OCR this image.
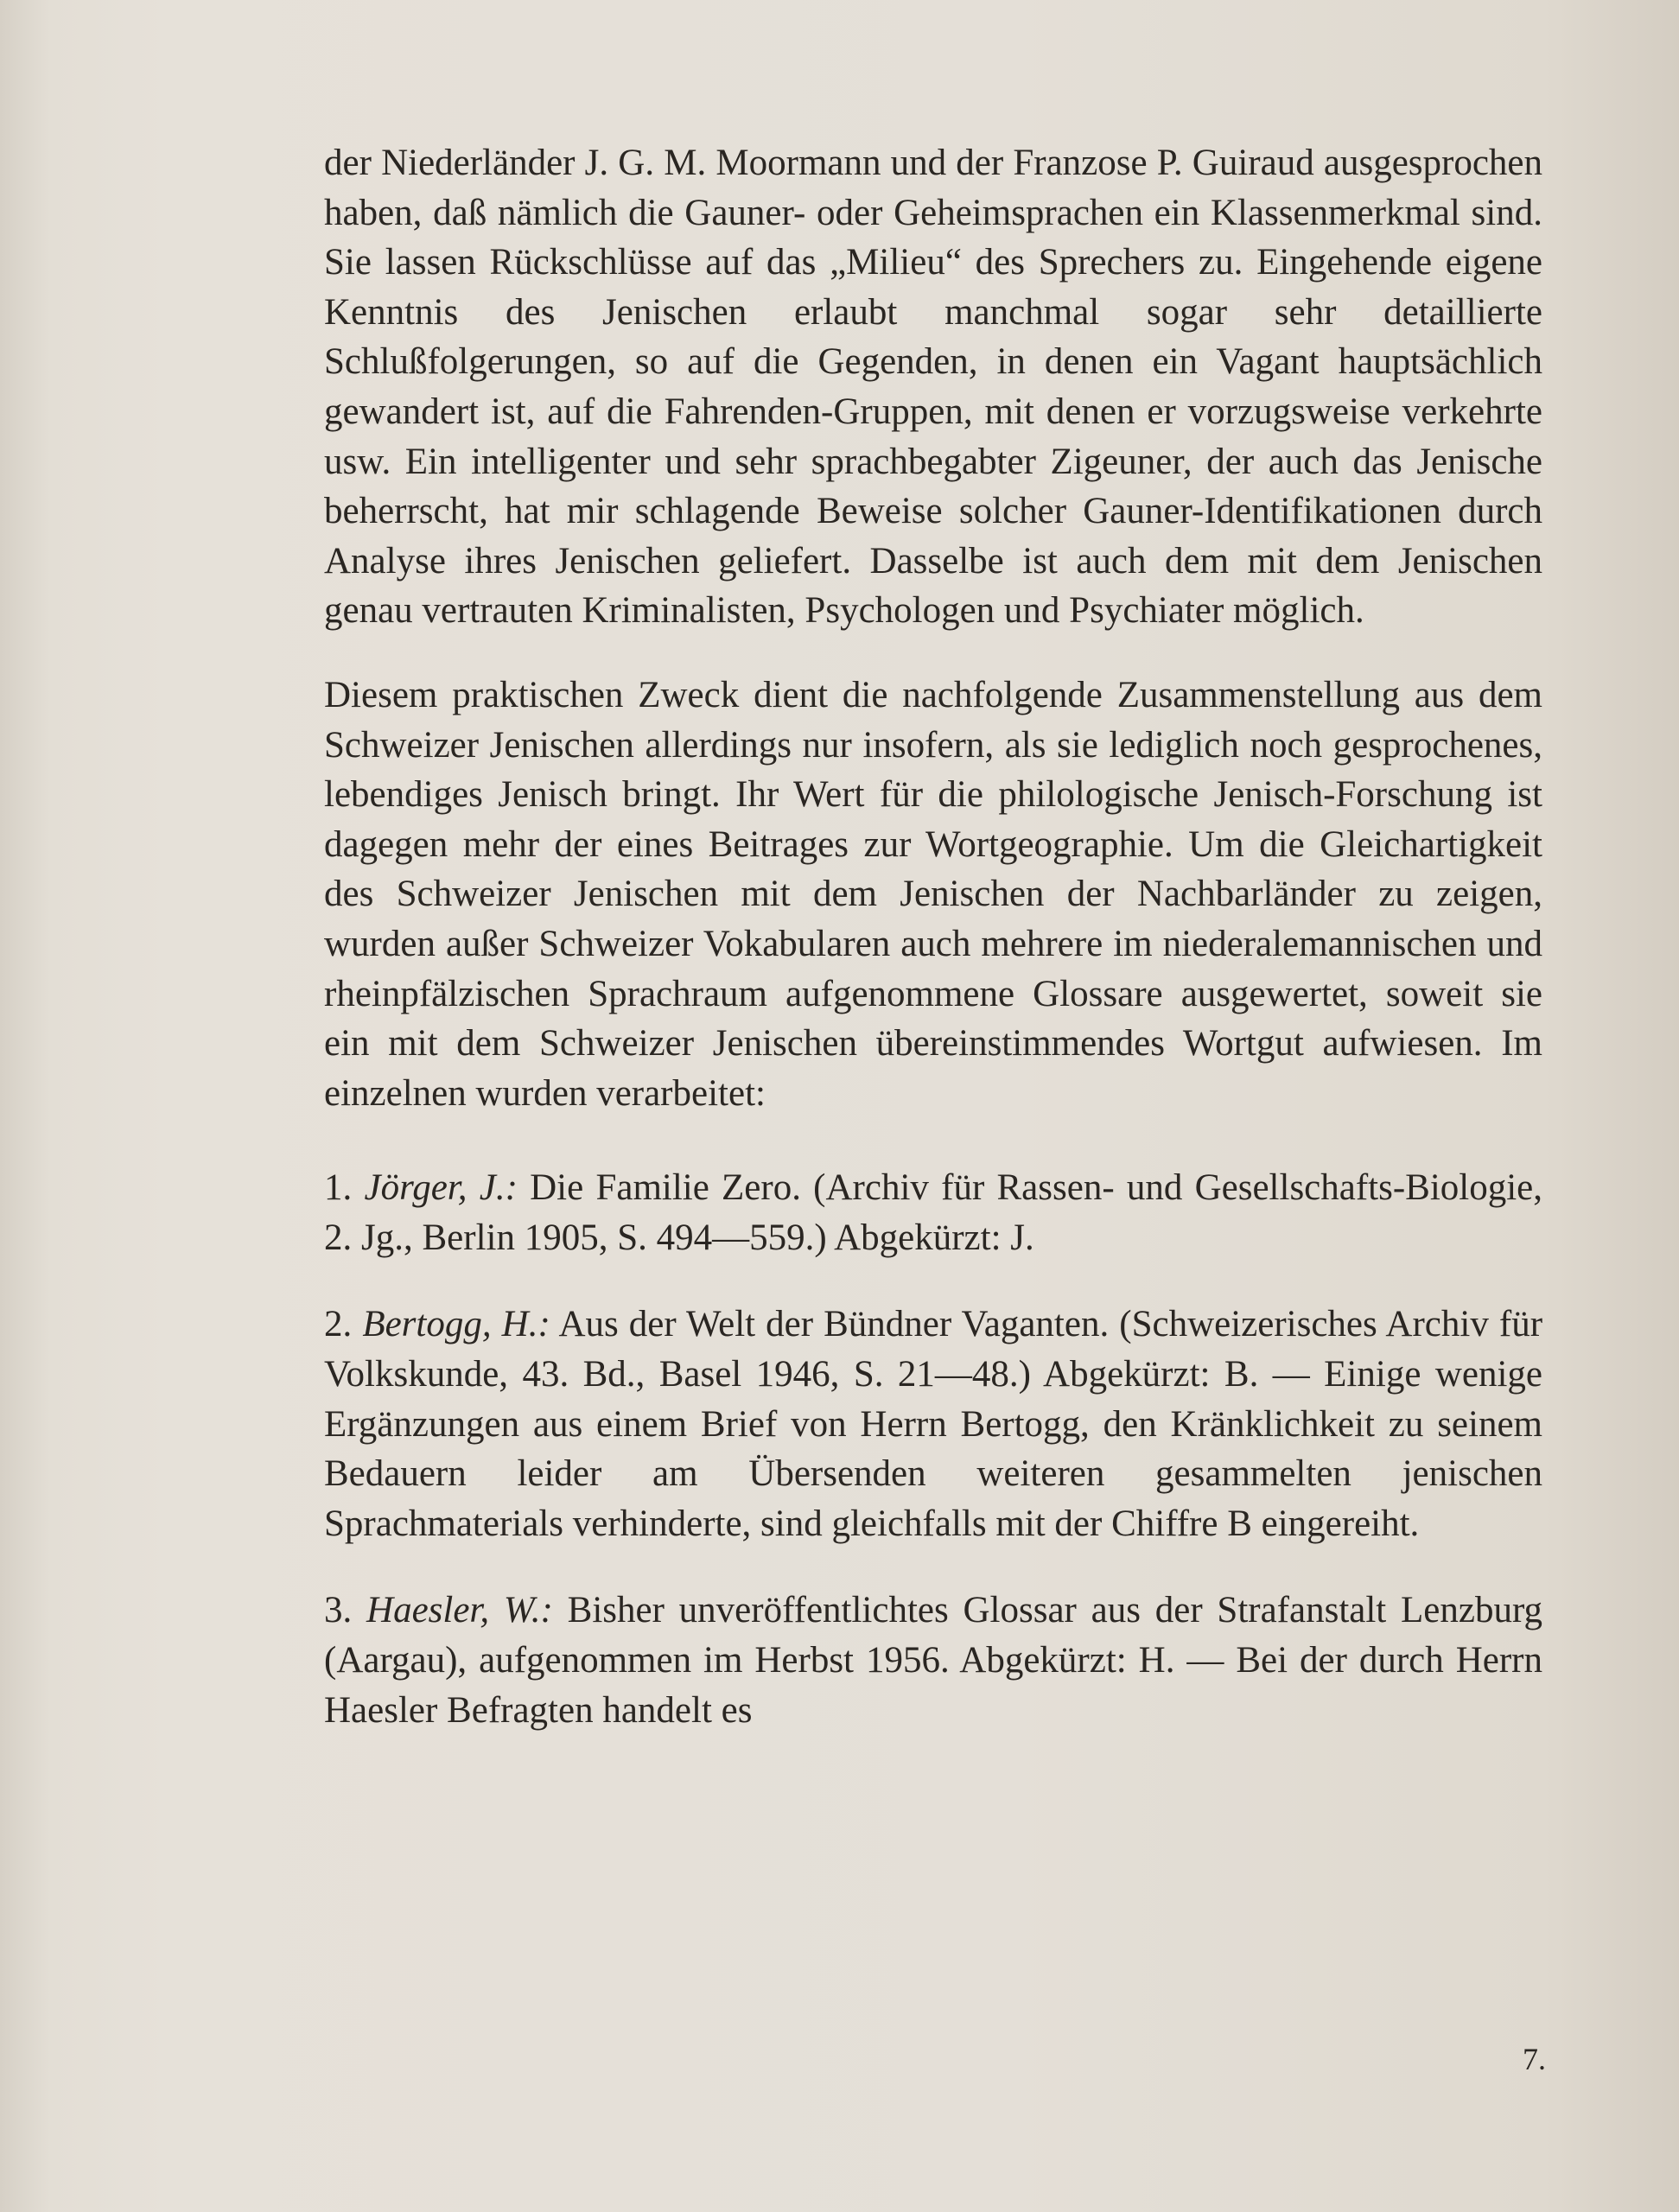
der Niederländer J. G. M. Moormann und der Franzose P. Guiraud ausgesprochen haben, daß nämlich die Gauner- oder Geheimsprachen ein Klassenmerkmal sind. Sie lassen Rückschlüsse auf das „Milieu“ des Sprechers zu. Eingehende eigene Kenntnis des Jenischen erlaubt manchmal sogar sehr detaillierte Schlußfolgerungen, so auf die Gegenden, in denen ein Vagant hauptsächlich gewandert ist, auf die Fahrenden-Gruppen, mit denen er vorzugsweise verkehrte usw. Ein intelligenter und sehr sprachbegabter Zigeuner, der auch das Jenische beherrscht, hat mir schlagende Beweise solcher Gauner-Identifikationen durch Analyse ihres Jenischen geliefert. Dasselbe ist auch dem mit dem Jenischen genau vertrauten Kriminalisten, Psychologen und Psychiater möglich.

Diesem praktischen Zweck dient die nachfolgende Zusammenstellung aus dem Schweizer Jenischen allerdings nur insofern, als sie lediglich noch gesprochenes, lebendiges Jenisch bringt. Ihr Wert für die philologische Jenisch-Forschung ist dagegen mehr der eines Beitrages zur Wortgeographie. Um die Gleichartigkeit des Schweizer Jenischen mit dem Jenischen der Nachbarländer zu zeigen, wurden außer Schweizer Vokabularen auch mehrere im niederalemannischen und rheinpfälzischen Sprachraum aufgenommene Glossare ausgewertet, soweit sie ein mit dem Schweizer Jenischen übereinstimmendes Wortgut aufwiesen. Im einzelnen wurden verarbeitet:

1. Jörger, J.: Die Familie Zero. (Archiv für Rassen- und Gesellschafts-Biologie, 2. Jg., Berlin 1905, S. 494—559.) Abgekürzt: J.

2. Bertogg, H.: Aus der Welt der Bündner Vaganten. (Schweizerisches Archiv für Volkskunde, 43. Bd., Basel 1946, S. 21—48.) Abgekürzt: B. — Einige wenige Ergänzungen aus einem Brief von Herrn Bertogg, den Kränklichkeit zu seinem Bedauern leider am Übersenden weiteren gesammelten jenischen Sprachmaterials verhinderte, sind gleichfalls mit der Chiffre B eingereiht.

3. Haesler, W.: Bisher unveröffentlichtes Glossar aus der Strafanstalt Lenzburg (Aargau), aufgenommen im Herbst 1956. Abgekürzt: H. — Bei der durch Herrn Haesler Befragten handelt es

7.
